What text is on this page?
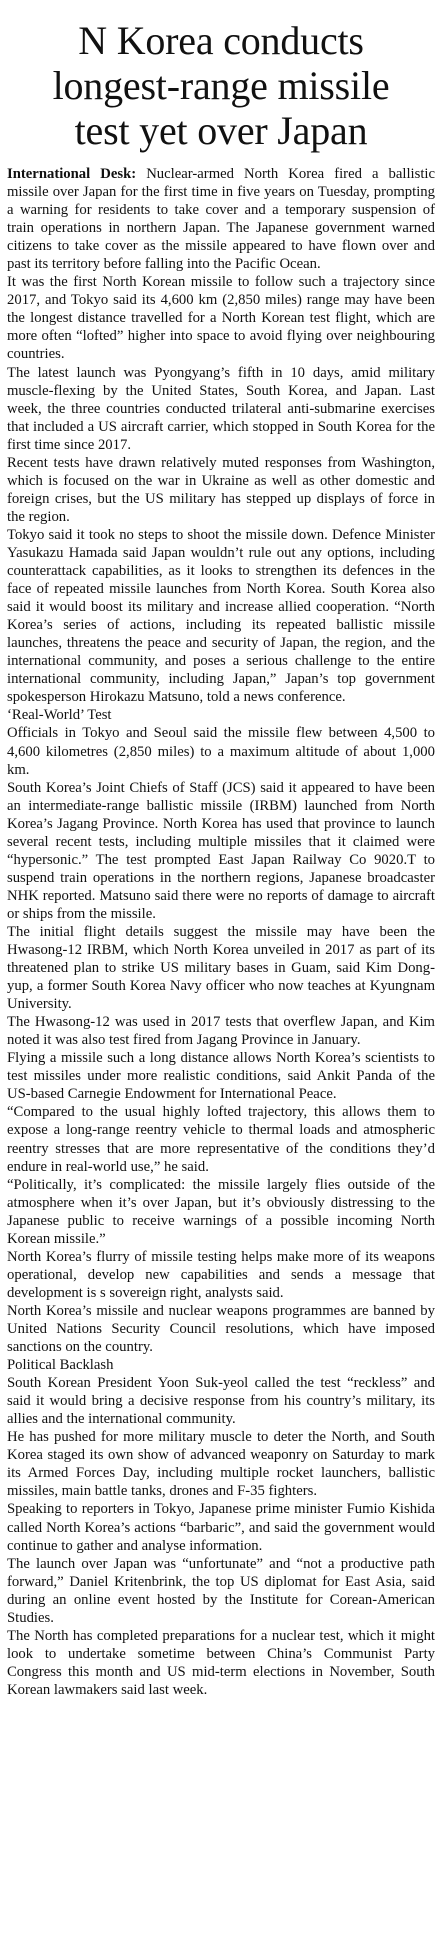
N Korea conducts
longest-range missile
test yet over Japan

International Desk: Nuclear-armed North Korea fired a ballistic missile over Japan for the first time in five years on Tuesday, prompting a warning for residents to take cover and a temporary suspension of train operations in northern Japan. The Japanese government warned citizens to take cover as the missile appeared to have flown over and past its territory before falling into the Pacific Ocean.

It was the first North Korean missile to follow such a trajectory since 2017, and Tokyo said its 4,600 km (2,850 miles) range may have been the longest distance travelled for a North Korean test flight, which are more often “lofted” higher into space to avoid flying over neighbouring countries.

The latest launch was Pyongyang’s fifth in 10 days, amid military muscle-flexing by the United States, South Korea, and Japan. Last week, the three countries conducted trilateral anti-submarine exercises that included a US aircraft carrier, which stopped in South Korea for the first time since 2017.

Recent tests have drawn relatively muted responses from Washington, which is focused on the war in Ukraine as well as other domestic and foreign crises, but the US military has stepped up displays of force in the region.

Tokyo said it took no steps to shoot the missile down. Defence Minister Yasukazu Hamada said Japan wouldn’t rule out any options, including counterattack capabilities, as it looks to strengthen its defences in the face of repeated missile launches from North Korea. South Korea also said it would boost its military and increase allied cooperation. “North Korea’s series of actions, including its repeated ballistic missile launches, threatens the peace and security of Japan, the region, and the international community, and poses a serious challenge to the entire international community, including Japan,” Japan’s top government spokesperson Hirokazu Matsuno, told a news conference.

‘Real-World’ Test

Officials in Tokyo and Seoul said the missile flew between 4,500 to 4,600 kilometres (2,850 miles) to a maximum altitude of about 1,000 km.

South Korea’s Joint Chiefs of Staff (JCS) said it appeared to have been an intermediate-range ballistic missile (IRBM) launched from North Korea’s Jagang Province. North Korea has used that province to launch several recent tests, including multiple missiles that it claimed were “hypersonic.” The test prompted East Japan Railway Co 9020.T to suspend train operations in the northern regions, Japanese broadcaster NHK reported. Matsuno said there were no reports of damage to aircraft or ships from the missile.

The initial flight details suggest the missile may have been the Hwasong-12 IRBM, which North Korea unveiled in 2017 as part of its threatened plan to strike US military bases in Guam, said Kim Dong-yup, a former South Korea Navy officer who now teaches at Kyungnam University.

The Hwasong-12 was used in 2017 tests that overflew Japan, and Kim noted it was also test fired from Jagang Province in January.

Flying a missile such a long distance allows North Korea’s scientists to test missiles under more realistic conditions, said Ankit Panda of the US-based Carnegie Endowment for International Peace.

“Compared to the usual highly lofted trajectory, this allows them to expose a long-range reentry vehicle to thermal loads and atmospheric reentry stresses that are more representative of the conditions they’d endure in real-world use,” he said.

“Politically, it’s complicated: the missile largely flies outside of the atmosphere when it’s over Japan, but it’s obviously distressing to the Japanese public to receive warnings of a possible incoming North Korean missile.”

North Korea’s flurry of missile testing helps make more of its weapons operational, develop new capabilities and sends a message that development is s sovereign right, analysts said.

North Korea’s missile and nuclear weapons programmes are banned by United Nations Security Council resolutions, which have imposed sanctions on the country.

Political Backlash

South Korean President Yoon Suk-yeol called the test “reckless” and said it would bring a decisive response from his country’s military, its allies and the international community.

He has pushed for more military muscle to deter the North, and South Korea staged its own show of advanced weaponry on Saturday to mark its Armed Forces Day, including multiple rocket launchers, ballistic missiles, main battle tanks, drones and F-35 fighters.

Speaking to reporters in Tokyo, Japanese prime minister Fumio Kishida called North Korea’s actions “barbaric”, and said the government would continue to gather and analyse information.

The launch over Japan was “unfortunate” and “not a productive path forward,” Daniel Kritenbrink, the top US diplomat for East Asia, said during an online event hosted by the Institute for Corean-American Studies.

The North has completed preparations for a nuclear test, which it might look to undertake sometime between China’s Communist Party Congress this month and US mid-term elections in November, South Korean lawmakers said last week.
